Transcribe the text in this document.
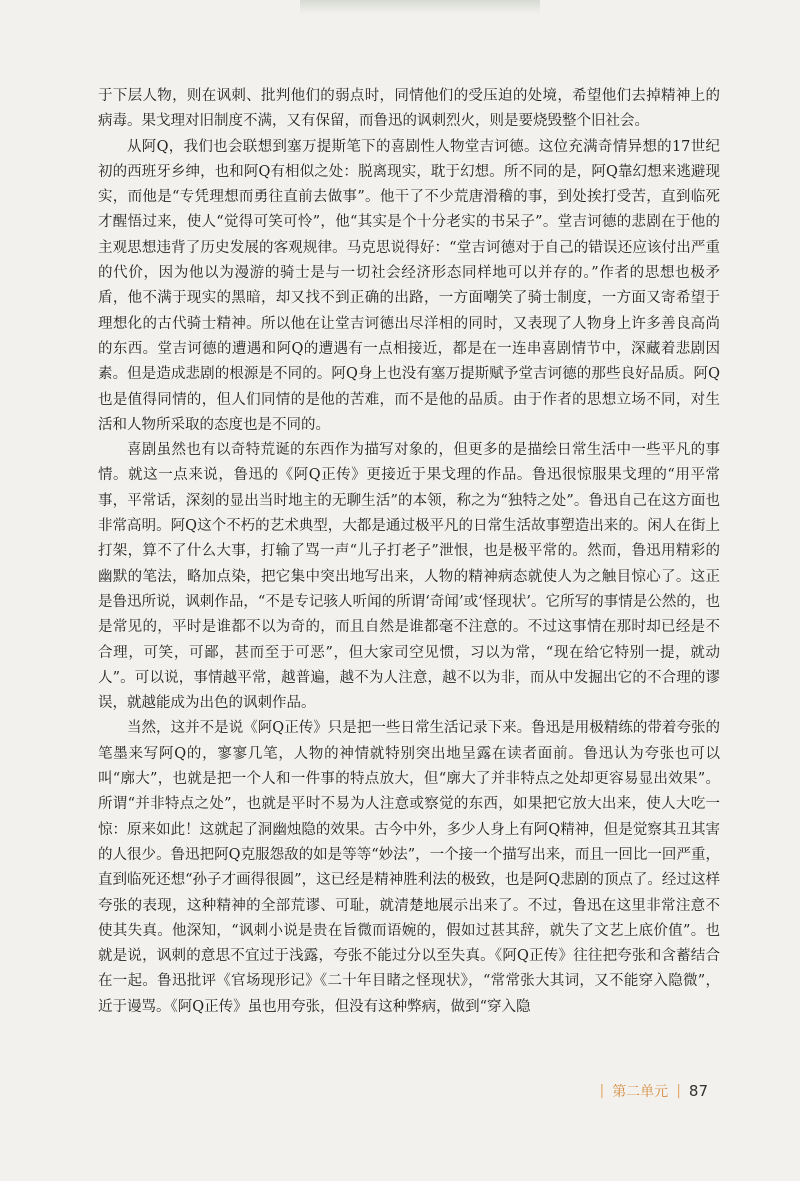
于下层人物，则在讽刺、批判他们的弱点时，同情他们的受压迫的处境，希望他们去掉精神上的病毒。果戈理对旧制度不满，又有保留，而鲁迅的讽刺烈火，则是要烧毁整个旧社会。

从阿Q，我们也会联想到塞万提斯笔下的喜剧性人物堂吉诃德。这位充满奇情异想的17世纪初的西班牙乡绅，也和阿Q有相似之处：脱离现实，耽于幻想。所不同的是，阿Q靠幻想来逃避现实，而他是“专凭理想而勇往直前去做事”。他干了不少荒唐滑稽的事，到处挨打受苦，直到临死才醒悟过来，使人“觉得可笑可怜”，他“其实是个十分老实的书呆子”。堂吉诃德的悲剧在于他的主观思想违背了历史发展的客观规律。马克思说得好：“堂吉诃德对于自己的错误还应该付出严重的代价，因为他以为漫游的骑士是与一切社会经济形态同样地可以并存的。”作者的思想也极矛盾，他不满于现实的黑暗，却又找不到正确的出路，一方面嘲笑了骑士制度，一方面又寄希望于理想化的古代骑士精神。所以他在让堂吉诃德出尽洋相的同时，又表现了人物身上许多善良高尚的东西。堂吉诃德的遭遇和阿Q的遭遇有一点相接近，都是在一连串喜剧情节中，深藏着悲剧因素。但是造成悲剧的根源是不同的。阿Q身上也没有塞万提斯赋予堂吉诃德的那些良好品质。阿Q也是值得同情的，但人们同情的是他的苦难，而不是他的品质。由于作者的思想立场不同，对生活和人物所采取的态度也是不同的。

喜剧虽然也有以奇特荒诞的东西作为描写对象的，但更多的是描绘日常生活中一些平凡的事情。就这一点来说，鲁迅的《阿Q正传》更接近于果戈理的作品。鲁迅很惊服果戈理的“用平常事，平常话，深刻的显出当时地主的无聊生活”的本领，称之为“独特之处”。鲁迅自己在这方面也非常高明。阿Q这个不朽的艺术典型，大都是通过极平凡的日常生活故事塑造出来的。闲人在街上打架，算不了什么大事，打输了骂一声“儿子打老子”泄恨，也是极平常的。然而，鲁迅用精彩的幽默的笔法，略加点染，把它集中突出地写出来，人物的精神病态就使人为之触目惊心了。这正是鲁迅所说，讽刺作品，“不是专记骇人听闻的所谓‘奇闻’或‘怪现状’。它所写的事情是公然的，也是常见的，平时是谁都不以为奇的，而且自然是谁都毫不注意的。不过这事情在那时却已经是不合理，可笑，可鄙，甚而至于可恶”，但大家司空见惯，习以为常，“现在给它特别一提，就动人”。可以说，事情越平常，越普遍，越不为人注意，越不以为非，而从中发掘出它的不合理的谬误，就越能成为出色的讽刺作品。

当然，这并不是说《阿Q正传》只是把一些日常生活记录下来。鲁迅是用极精练的带着夸张的笔墨来写阿Q的，寥寥几笔，人物的神情就特别突出地呈露在读者面前。鲁迅认为夸张也可以叫“廓大”，也就是把一个人和一件事的特点放大，但“廓大了并非特点之处却更容易显出效果”。所谓“并非特点之处”，也就是平时不易为人注意或察觉的东西，如果把它放大出来，使人大吃一惊：原来如此！这就起了洞幽烛隐的效果。古今中外，多少人身上有阿Q精神，但是觉察其丑其害的人很少。鲁迅把阿Q克服怨敌的如是等等“妙法”，一个接一个描写出来，而且一回比一回严重，直到临死还想“孙子才画得很圆”，这已经是精神胜利法的极致，也是阿Q悲剧的顶点了。经过这样夸张的表现，这种精神的全部荒谬、可耻，就清楚地展示出来了。不过，鲁迅在这里非常注意不使其失真。他深知，“讽刺小说是贵在旨微而语婉的，假如过甚其辞，就失了文艺上底价值”。也就是说，讽刺的意思不宜过于浅露，夸张不能过分以至失真。《阿Q正传》往往把夸张和含蓄结合在一起。鲁迅批评《官场现形记》《二十年目睹之怪现状》，“常常张大其词，又不能穿入隐微”，近于谩骂。《阿Q正传》虽也用夸张，但没有这种弊病，做到“穿入隐

| 第二单元 | 87
